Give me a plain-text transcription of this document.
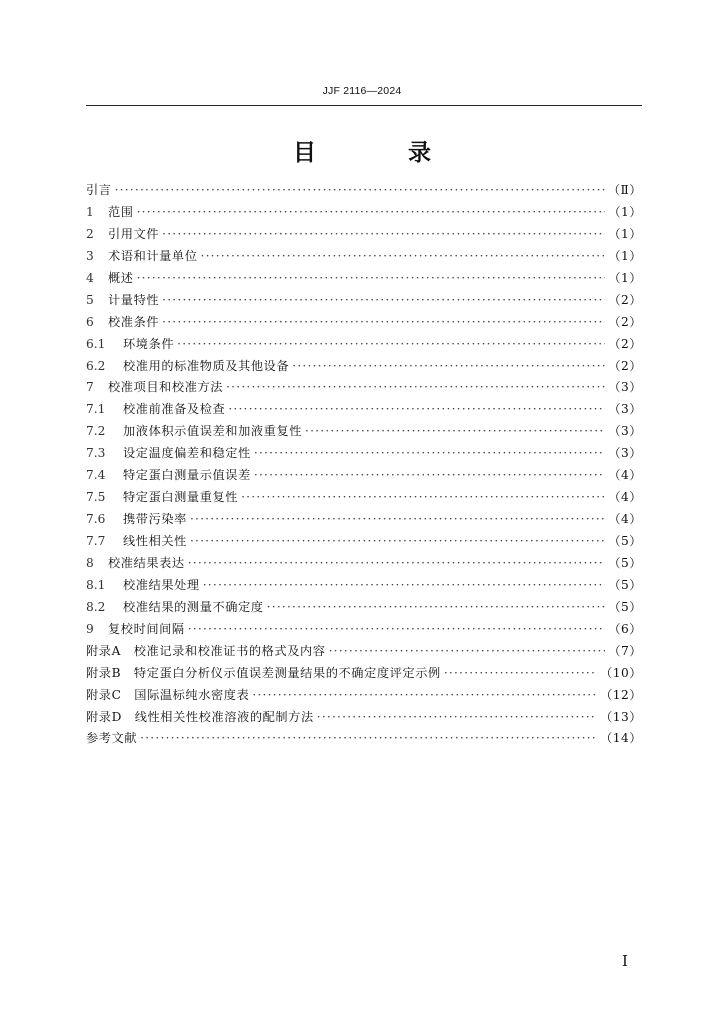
JJF 2116—2024
目 录
引言 ·····	（Ⅱ）
1	范围 ·····	（1）
2	引用文件 ·····	（1）
3	术语和计量单位 ·····	（1）
4	概述 ·····	（1）
5	计量特性 ·····	（2）
6	校准条件 ·····	（2）
6.1	环境条件 ·····	（2）
6.2	校准用的标准物质及其他设备 ·····	（2）
7	校准项目和校准方法 ·····	（3）
7.1	校准前准备及检查 ·····	（3）
7.2	加液体积示值误差和加液重复性 ·····	（3）
7.3	设定温度偏差和稳定性 ·····	（3）
7.4	特定蛋白测量示值误差 ·····	（4）
7.5	特定蛋白测量重复性 ·····	（4）
7.6	携带污染率 ·····	（4）
7.7	线性相关性 ·····	（5）
8	校准结果表达 ·····	（5）
8.1	校准结果处理 ·····	（5）
8.2	校准结果的测量不确定度 ·····	（5）
9	复校时间间隔 ·····	（6）
附录A　校准记录和校准证书的格式及内容 ·····	（7）
附录B　特定蛋白分析仪示值误差测量结果的不确定度评定示例 ·····	（10）
附录C　国际温标纯水密度表 ·····	（12）
附录D　线性相关性校准溶液的配制方法 ·····	（13）
参考文献 ·····	（14）
Ⅰ
